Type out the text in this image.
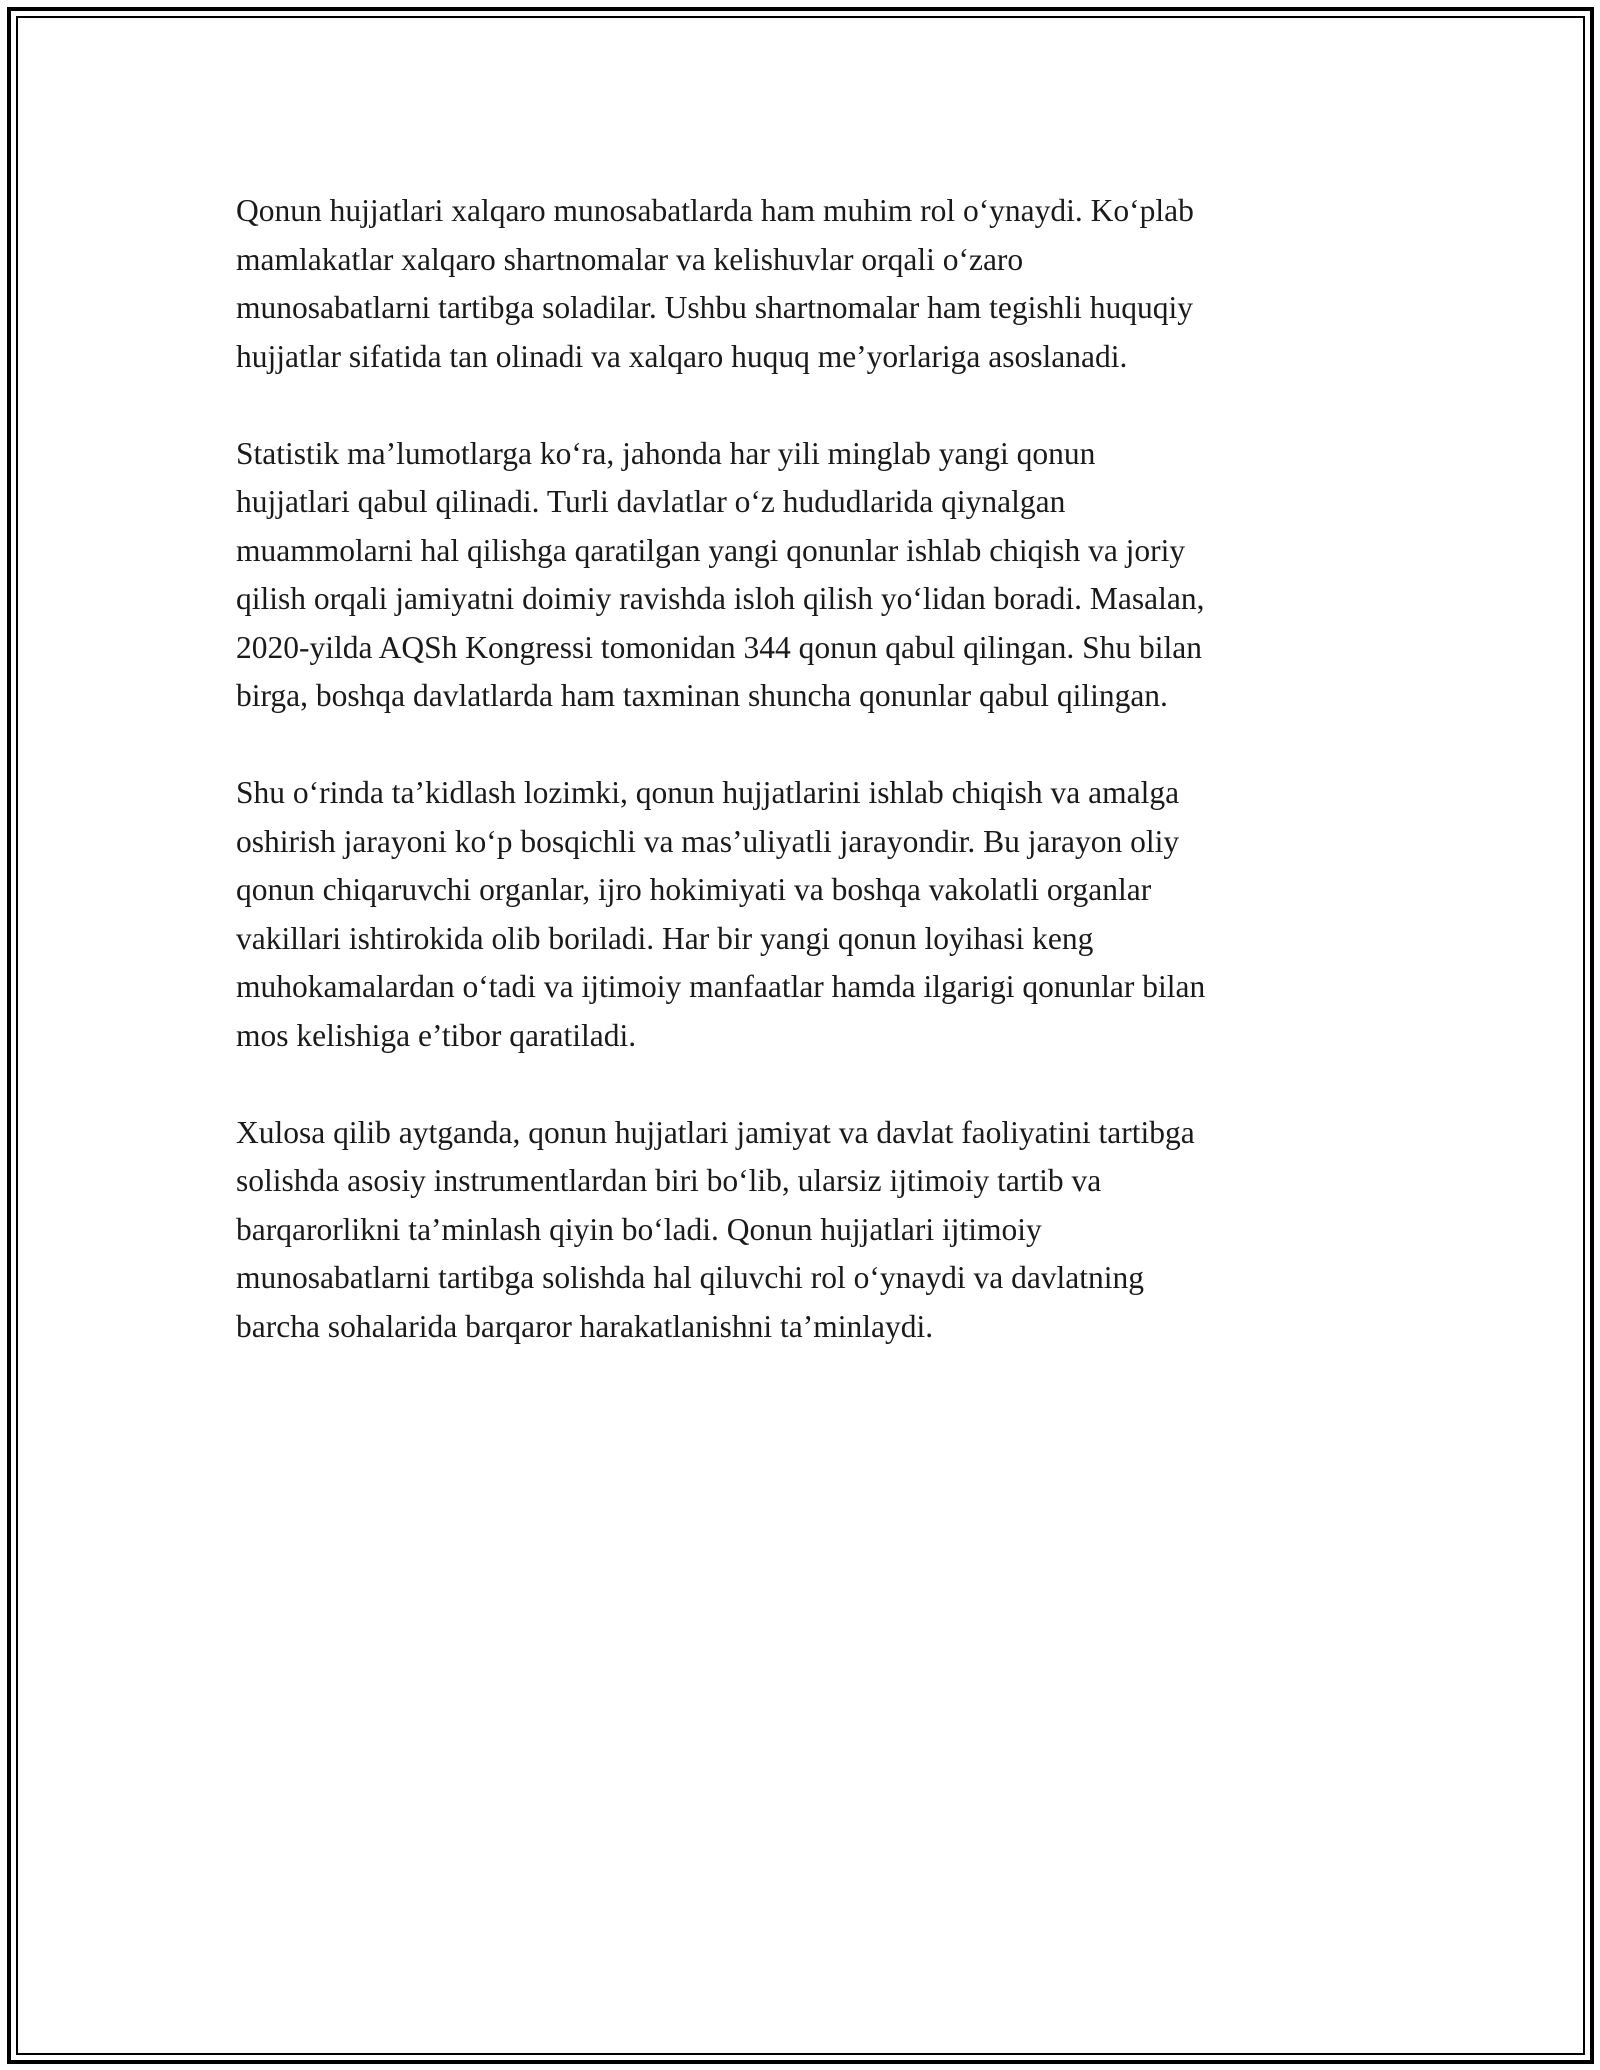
Qonun hujjatlari xalqaro munosabatlarda ham muhim rol o‘ynaydi. Ko‘plab
mamlakatlar xalqaro shartnomalar va kelishuvlar orqali o‘zaro
munosabatlarni tartibga soladilar. Ushbu shartnomalar ham tegishli huquqiy
hujjatlar sifatida tan olinadi va xalqaro huquq me’yorlariga asoslanadi.

Statistik ma’lumotlarga ko‘ra, jahonda har yili minglab yangi qonun
hujjatlari qabul qilinadi. Turli davlatlar o‘z hududlarida qiynalgan
muammolarni hal qilishga qaratilgan yangi qonunlar ishlab chiqish va joriy
qilish orqali jamiyatni doimiy ravishda isloh qilish yo‘lidan boradi. Masalan,
2020-yilda AQSh Kongressi tomonidan 344 qonun qabul qilingan. Shu bilan
birga, boshqa davlatlarda ham taxminan shuncha qonunlar qabul qilingan.

Shu o‘rinda ta’kidlash lozimki, qonun hujjatlarini ishlab chiqish va amalga
oshirish jarayoni ko‘p bosqichli va mas’uliyatli jarayondir. Bu jarayon oliy
qonun chiqaruvchi organlar, ijro hokimiyati va boshqa vakolatli organlar
vakillari ishtirokida olib boriladi. Har bir yangi qonun loyihasi keng
muhokamalardan o‘tadi va ijtimoiy manfaatlar hamda ilgarigi qonunlar bilan
mos kelishiga e’tibor qaratiladi.

Xulosa qilib aytganda, qonun hujjatlari jamiyat va davlat faoliyatini tartibga
solishda asosiy instrumentlardan biri bo‘lib, ularsiz ijtimoiy tartib va
barqarorlikni ta’minlash qiyin bo‘ladi. Qonun hujjatlari ijtimoiy
munosabatlarni tartibga solishda hal qiluvchi rol o‘ynaydi va davlatning
barcha sohalarida barqaror harakatlanishni ta’minlaydi.
